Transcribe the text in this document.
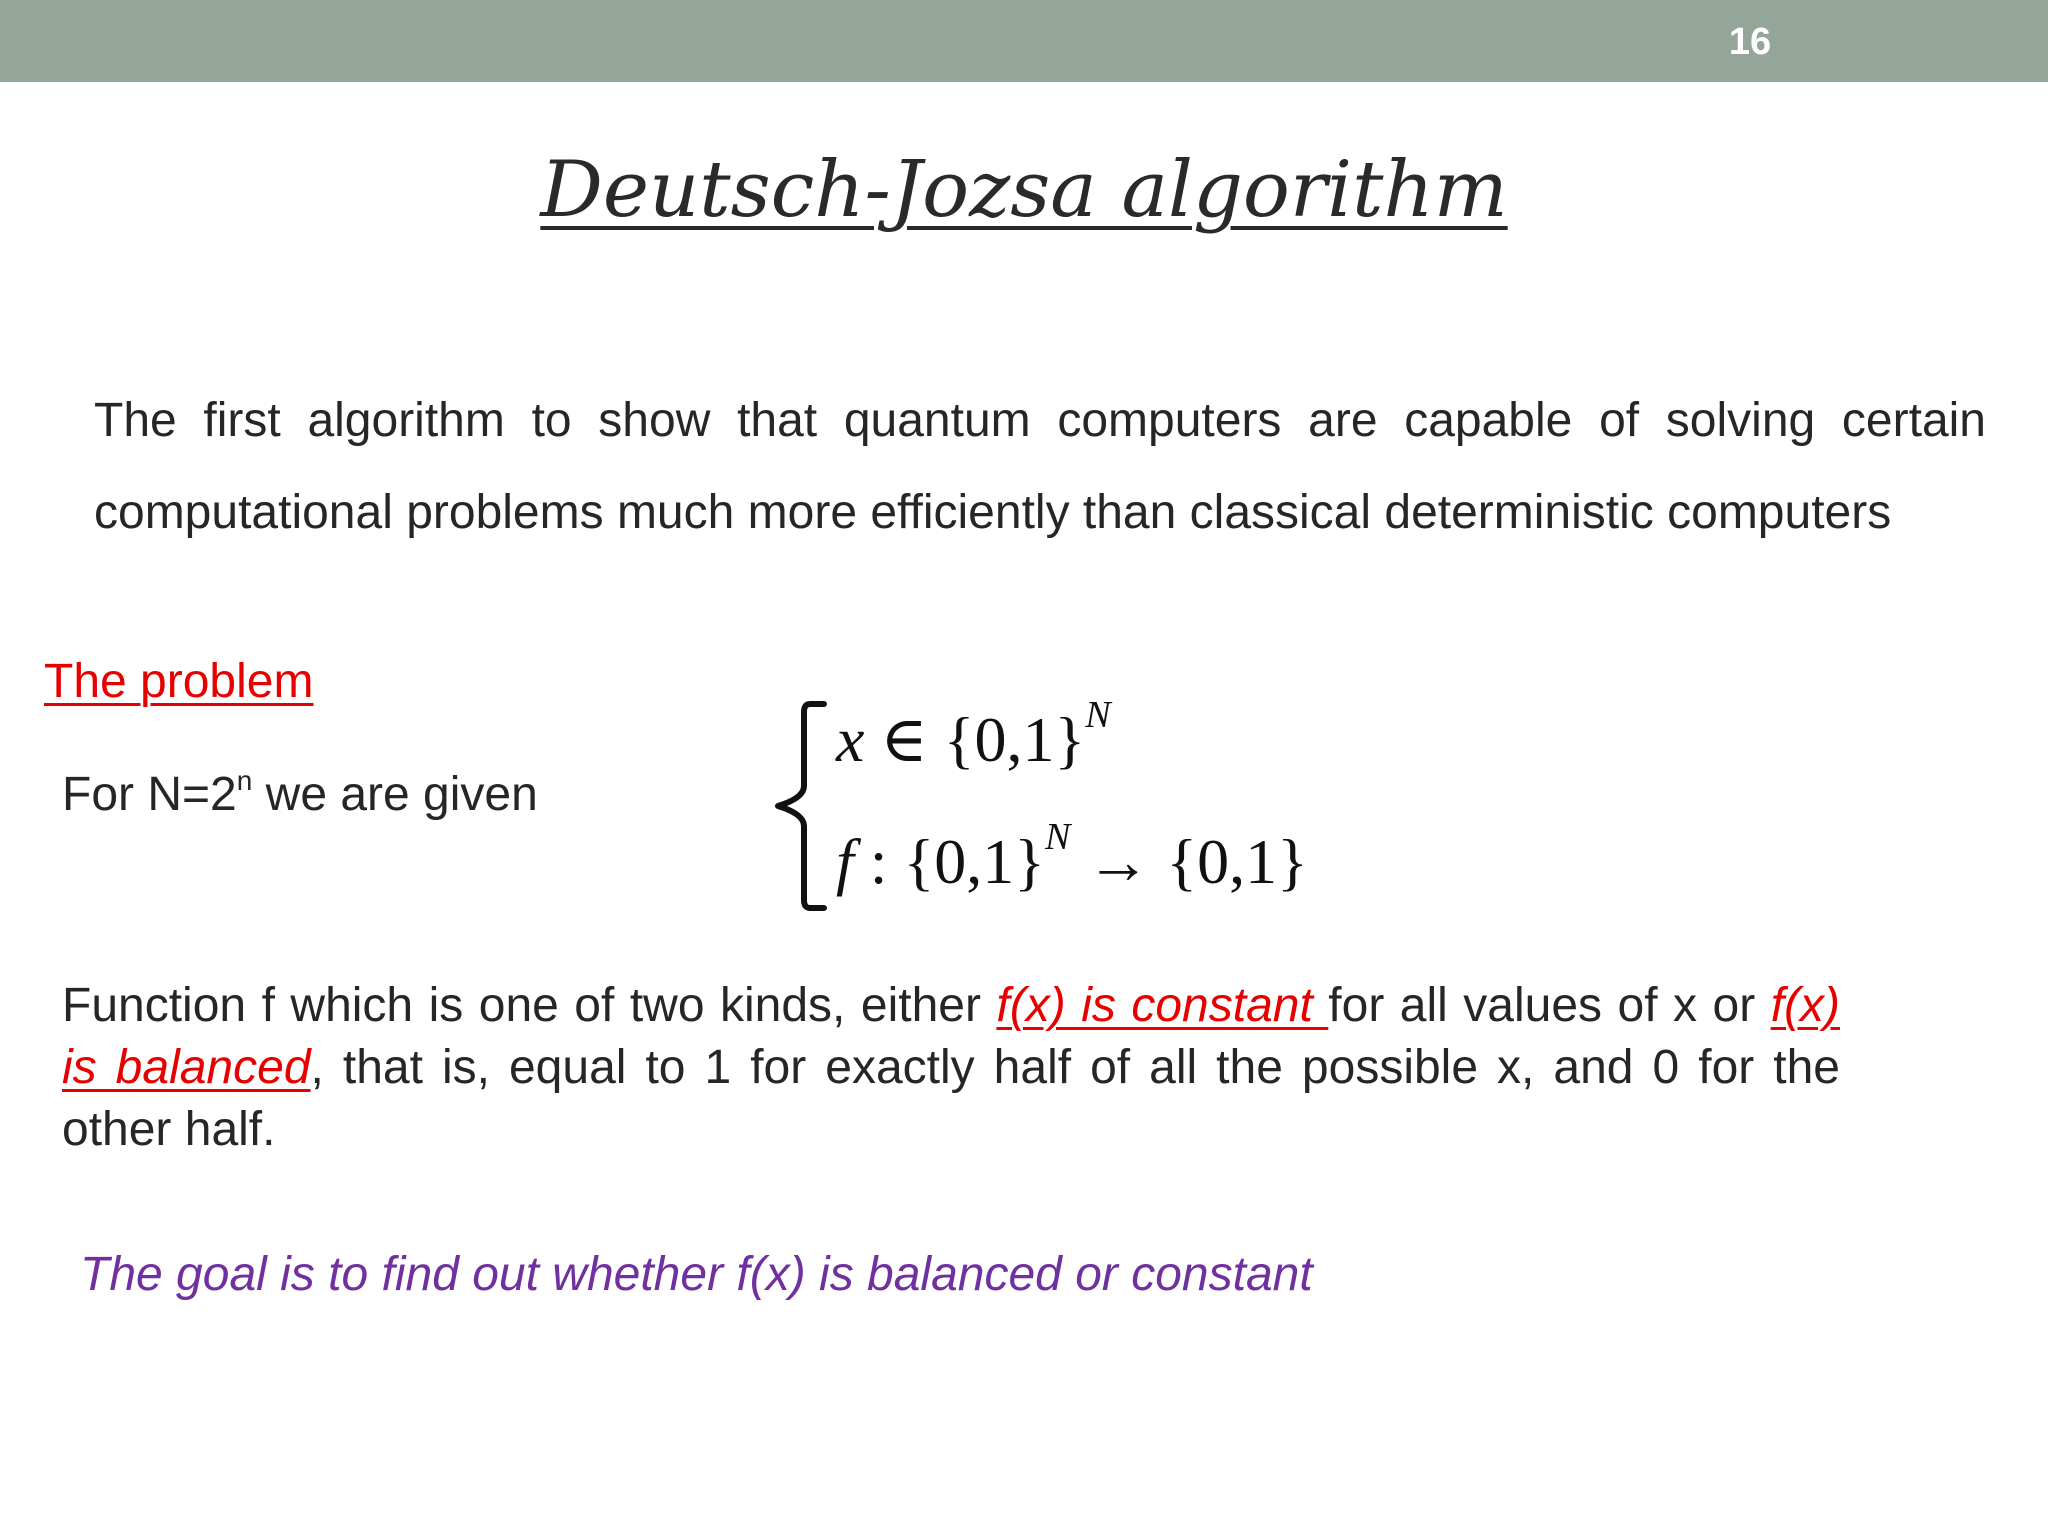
16
Deutsch-Jozsa algorithm
The first algorithm to show that quantum computers are capable of solving certain computational problems much more efficiently than classical deterministic computers
The problem
For $N=2^n$ we are given
x ∈ $\{0,1\}^N$
f : $\{0,1\}^N \to \{0,1\}$
Function f which is one of two kinds, either f(x) is constant for all values of x or f(x) is balanced, that is, equal to 1 for exactly half of all the possible x, and 0 for the other half.
The goal is to find out whether f(x) is balanced or constant
